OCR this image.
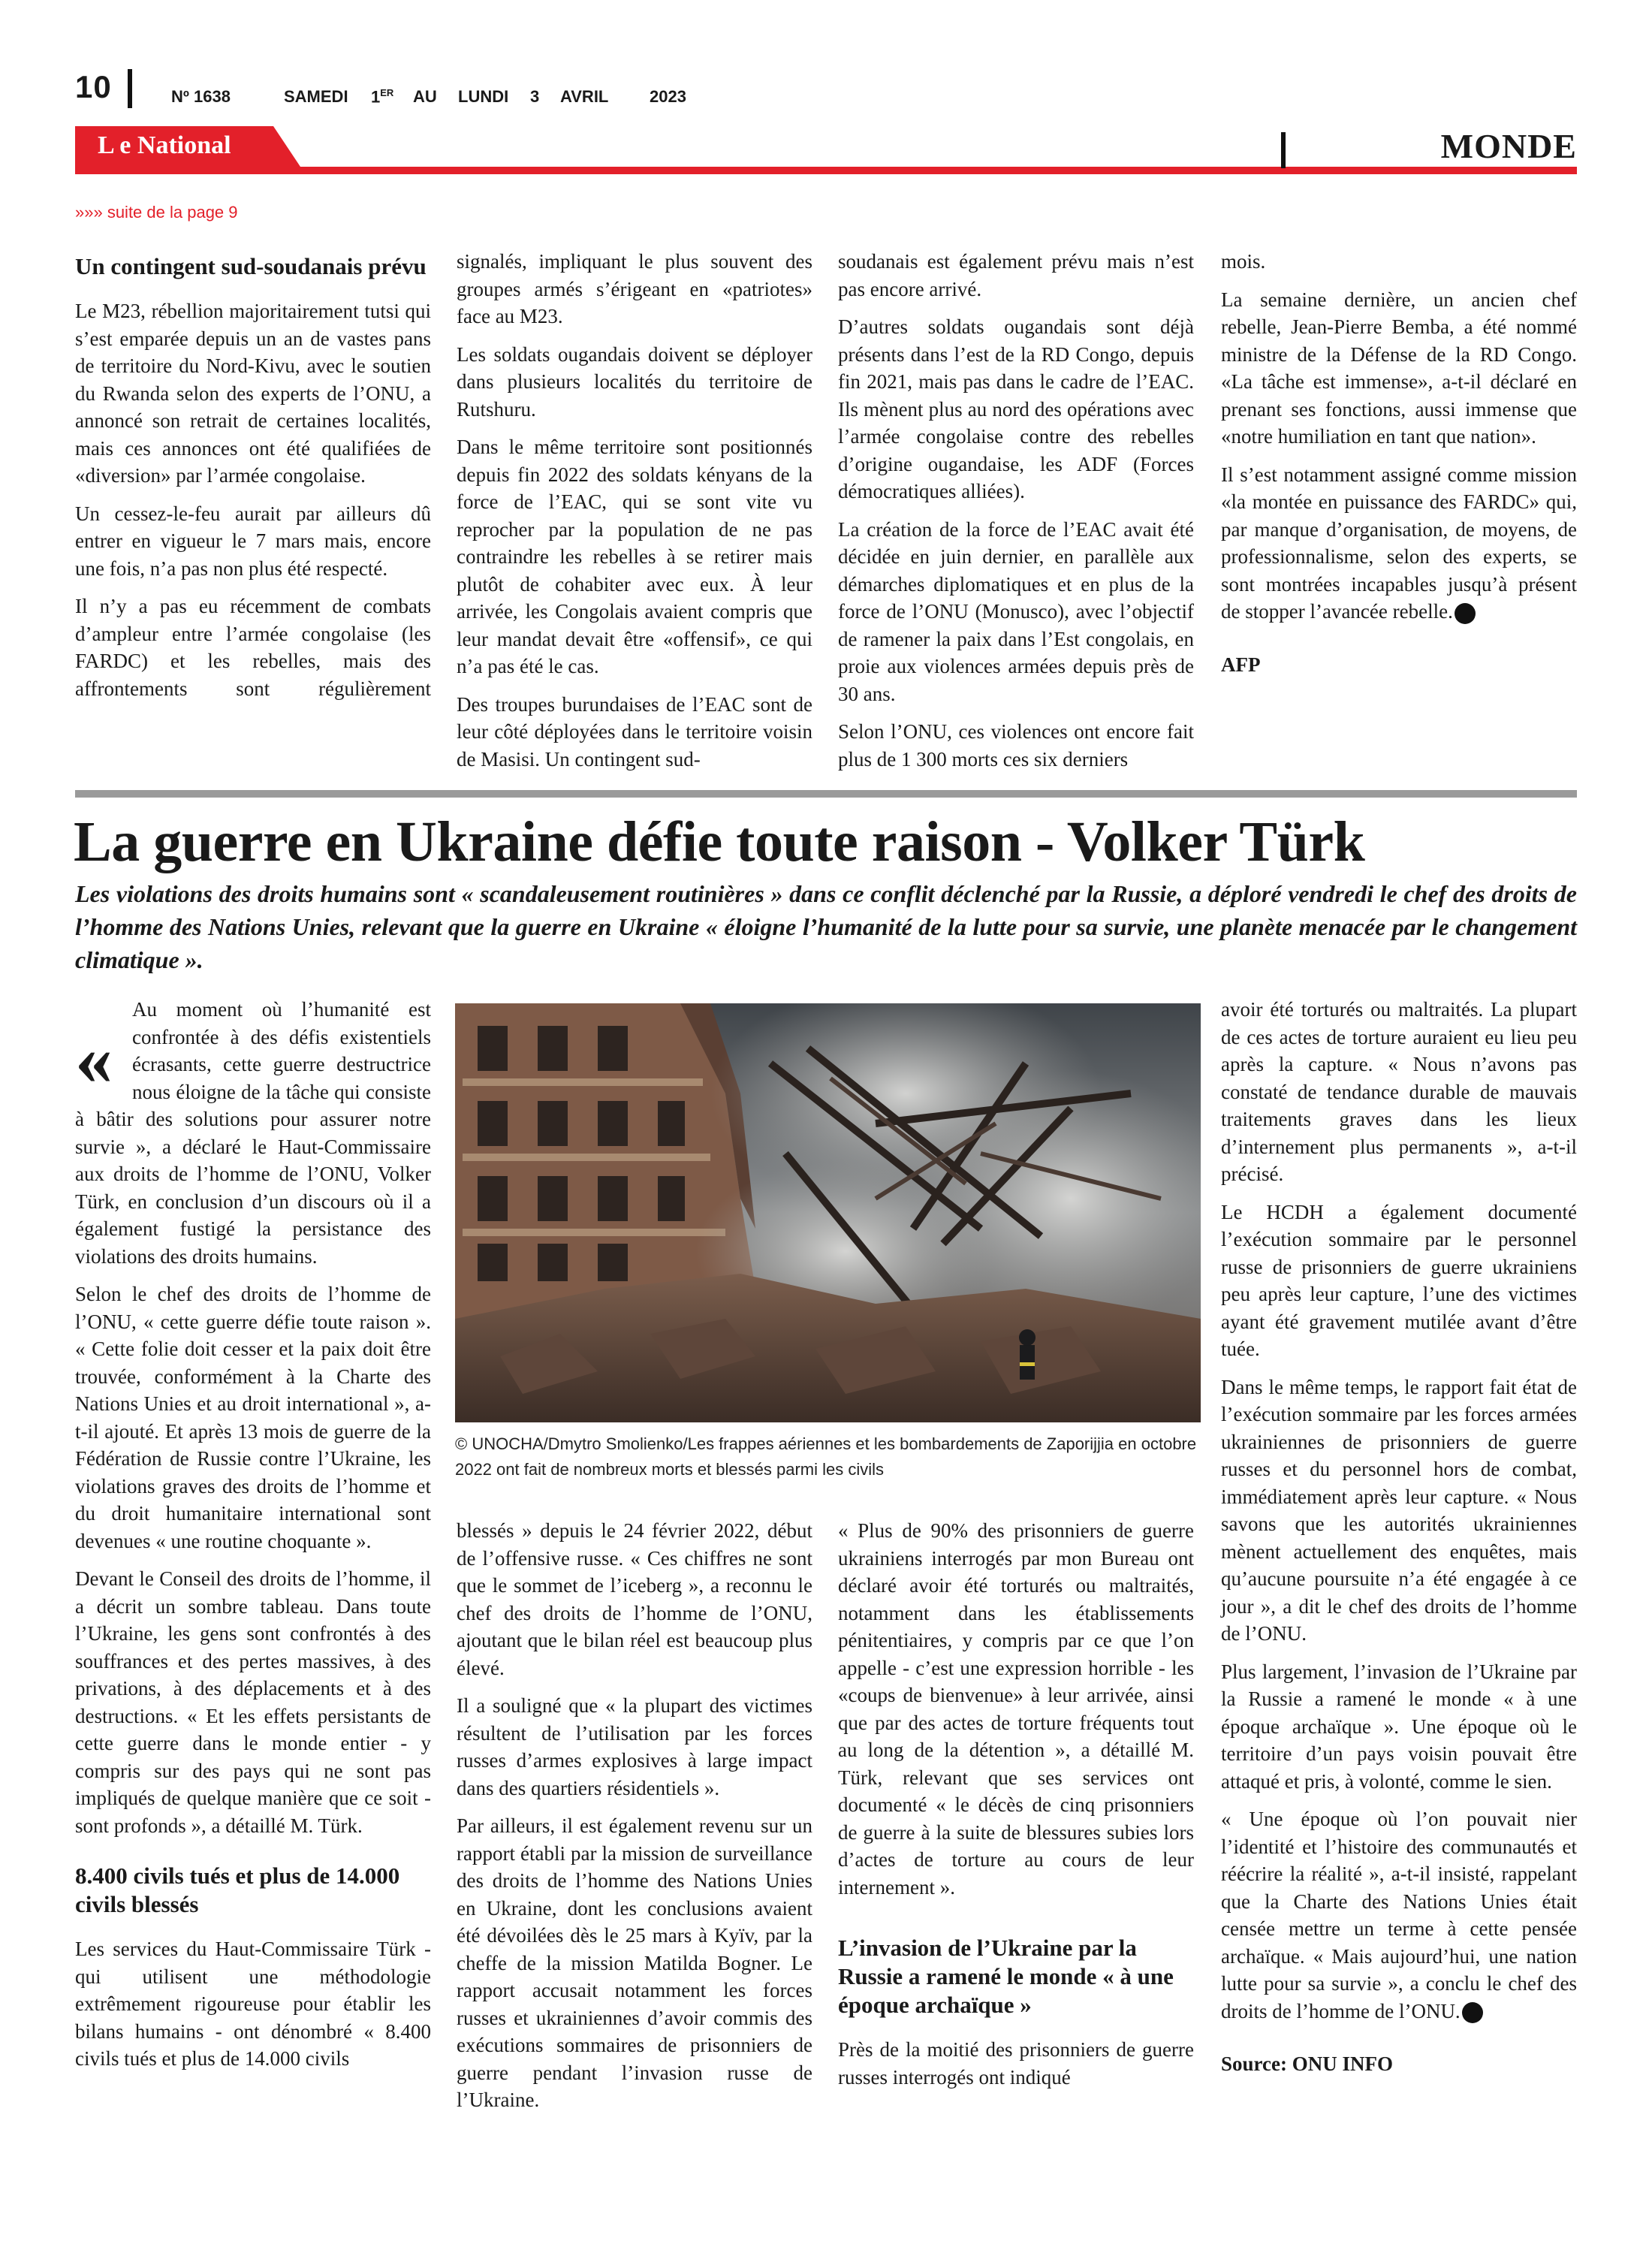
10	Nº 1638	SAMEDI 1ER AU LUNDI 3 AVRIL 2023
L e National	MONDE
»»» suite de la page 9
Un contingent sud-soudanais prévu

Le M23, rébellion majoritairement tutsi qui s’est emparée depuis un an de vastes pans de territoire du Nord-Kivu, avec le soutien du Rwanda selon des experts de l’ONU, a annoncé son retrait de certaines localités, mais ces annonces ont été qualifiées de «diversion» par l’armée congolaise.

Un cessez-le-feu aurait par ailleurs dû entrer en vigueur le 7 mars mais, encore une fois, n’a pas non plus été respecté.

Il n’y a pas eu récemment de combats d’ampleur entre l’armée congolaise (les FARDC) et les rebelles, mais des affrontements sont régulièrement

signalés, impliquant le plus souvent des groupes armés s’érigeant en «patriotes» face au M23.

Les soldats ougandais doivent se déployer dans plusieurs localités du territoire de Rutshuru.

Dans le même territoire sont positionnés depuis fin 2022 des soldats kényans de la force de l’EAC, qui se sont vite vu reprocher par la population de ne pas contraindre les rebelles à se retirer mais plutôt de cohabiter avec eux. À leur arrivée, les Congolais avaient compris que leur mandat devait être «offensif», ce qui n’a pas été le cas.

Des troupes burundaises de l’EAC sont de leur côté déployées dans le territoire voisin de Masisi. Un contingent sud-

soudanais est également prévu mais n’est pas encore arrivé.

D’autres soldats ougandais sont déjà présents dans l’est de la RD Congo, depuis fin 2021, mais pas dans le cadre de l’EAC. Ils mènent plus au nord des opérations avec l’armée congolaise contre des rebelles d’origine ougandaise, les ADF (Forces démocratiques alliées).

La création de la force de l’EAC avait été décidée en juin dernier, en parallèle aux démarches diplomatiques et en plus de la force de l’ONU (Monusco), avec l’objectif de ramener la paix dans l’Est congolais, en proie aux violences armées depuis près de 30 ans.

Selon l’ONU, ces violences ont encore fait plus de 1 300 morts ces six derniers

mois.

La semaine dernière, un ancien chef rebelle, Jean-Pierre Bemba, a été nommé ministre de la Défense de la RD Congo. «La tâche est immense», a-t-il déclaré en prenant ses fonctions, aussi immense que «notre humiliation en tant que nation».

Il s’est notamment assigné comme mission «la montée en puissance des FARDC» qui, par manque d’organisation, de moyens, de professionnalisme, selon des experts, se sont montrées incapables jusqu’à présent de stopper l’avancée rebelle.

AFP

La guerre en Ukraine défie toute raison - Volker Türk
Les violations des droits humains sont « scandaleusement routinières » dans ce conflit déclenché par la Russie, a déploré vendredi le chef des droits de l’homme des Nations Unies, relevant que la guerre en Ukraine « éloigne l’humanité de la lutte pour sa survie, une planète menacée par le changement climatique ».
«

Au moment où l’humanité est confrontée à des défis existentiels écrasants, cette guerre destructrice nous éloigne de la tâche qui consiste à bâtir des solutions pour assurer notre survie », a déclaré le Haut-Commissaire aux droits de l’homme de l’ONU, Volker Türk, en conclusion d’un discours où il a également fustigé la persistance des violations des droits humains.

Selon le chef des droits de l’homme de l’ONU, « cette guerre défie toute raison ». « Cette folie doit cesser et la paix doit être trouvée, conformément à la Charte des Nations Unies et au droit international », a-t-il ajouté. Et après 13 mois de guerre de la Fédération de Russie contre l’Ukraine, les violations graves des droits de l’homme et du droit humanitaire international sont devenues « une routine choquante ».

Devant le Conseil des droits de l’homme, il a décrit un sombre tableau. Dans toute l’Ukraine, les gens sont confrontés à des souffrances et des pertes massives, à des privations, à des déplacements et à des destructions. « Et les effets persistants de cette guerre dans le monde entier - y compris sur des pays qui ne sont pas impliqués de quelque manière que ce soit - sont profonds », a détaillé M. Türk.

8.400 civils tués et plus de 14.000 civils blessés

Les services du Haut-Commissaire Türk - qui utilisent une méthodologie extrêmement rigoureuse pour établir les bilans humains - ont dénombré « 8.400 civils tués et plus de 14.000 civils

© UNOCHA/Dmytro Smolienko/Les frappes aériennes et les bombardements de Zaporijjia en octobre 2022 ont fait de nombreux morts et blessés parmi les civils

blessés » depuis le 24 février 2022, début de l’offensive russe. « Ces chiffres ne sont que le sommet de l’iceberg », a reconnu le chef des droits de l’homme de l’ONU, ajoutant que le bilan réel est beaucoup plus élevé.

Il a souligné que « la plupart des victimes résultent de l’utilisation par les forces russes d’armes explosives à large impact dans des quartiers résidentiels ».

Par ailleurs, il est également revenu sur un rapport établi par la mission de surveillance des droits de l’homme des Nations Unies en Ukraine, dont les conclusions avaient été dévoilées dès le 25 mars à Kyïv, par la cheffe de la mission Matilda Bogner. Le rapport accusait notamment les forces russes et ukrainiennes d’avoir commis des exécutions sommaires de prisonniers de guerre pendant l’invasion russe de l’Ukraine.

« Plus de 90% des prisonniers de guerre ukrainiens interrogés par mon Bureau ont déclaré avoir été torturés ou maltraités, notamment dans les établissements pénitentiaires, y compris par ce que l’on appelle - c’est une expression horrible - les «coups de bienvenue» à leur arrivée, ainsi que par des actes de torture fréquents tout au long de la détention », a détaillé M. Türk, relevant que ses services ont documenté « le décès de cinq prisonniers de guerre à la suite de blessures subies lors d’actes de torture au cours de leur internement ».

L’invasion de l’Ukraine par la Russie a ramené le monde « à une époque archaïque »

Près de la moitié des prisonniers de guerre russes interrogés ont indiqué

avoir été torturés ou maltraités. La plupart de ces actes de torture auraient eu lieu peu après la capture. « Nous n’avons pas constaté de tendance durable de mauvais traitements graves dans les lieux d’internement plus permanents », a-t-il précisé.

Le HCDH a également documenté l’exécution sommaire par le personnel russe de prisonniers de guerre ukrainiens peu après leur capture, l’une des victimes ayant été gravement mutilée avant d’être tuée.

Dans le même temps, le rapport fait état de l’exécution sommaire par les forces armées ukrainiennes de prisonniers de guerre russes et du personnel hors de combat, immédiatement après leur capture. « Nous savons que les autorités ukrainiennes mènent actuellement des enquêtes, mais qu’aucune poursuite n’a été engagée à ce jour », a dit le chef des droits de l’homme de l’ONU.

Plus largement, l’invasion de l’Ukraine par la Russie a ramené le monde « à une époque archaïque ». Une époque où le territoire d’un pays voisin pouvait être attaqué et pris, à volonté, comme le sien.

« Une époque où l’on pouvait nier l’identité et l’histoire des communautés et réécrire la réalité », a-t-il insisté, rappelant que la Charte des Nations Unies était censée mettre un terme à cette pensée archaïque. « Mais aujourd’hui, une nation lutte pour sa survie », a conclu le chef des droits de l’homme de l’ONU.

Source: ONU INFO
